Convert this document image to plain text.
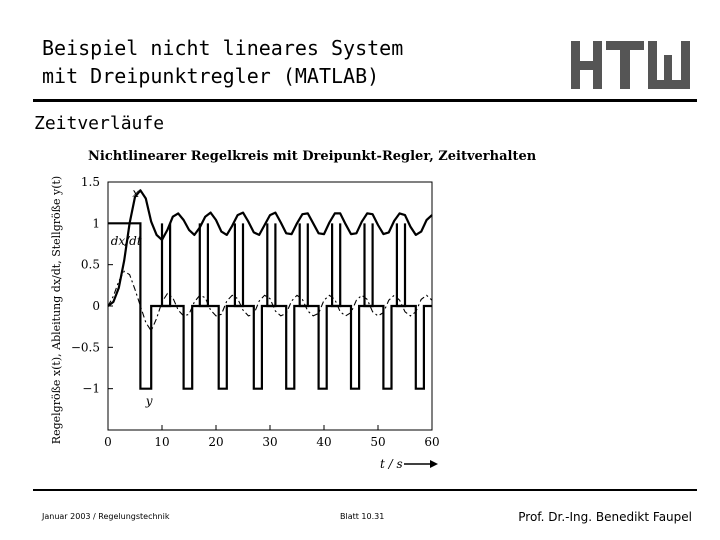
Beispiel nicht lineares System
mit Dreipunktregler (MATLAB)
Zeitverläufe
Nichtlinearer Regelkreis mit Dreipunkt-Regler, Zeitverhalten
Regelgröße x(t), Ableitung dx/dt, Stellgröße y(t) 1.5
1
0.5
0
−0.5
−1
0	10	20	30	40	50	60
x
dx/dt
y
t / s
Januar 2003 / Regelungstechnik	Blatt 10.31	Prof. Dr.-Ing. Benedikt Faupel
